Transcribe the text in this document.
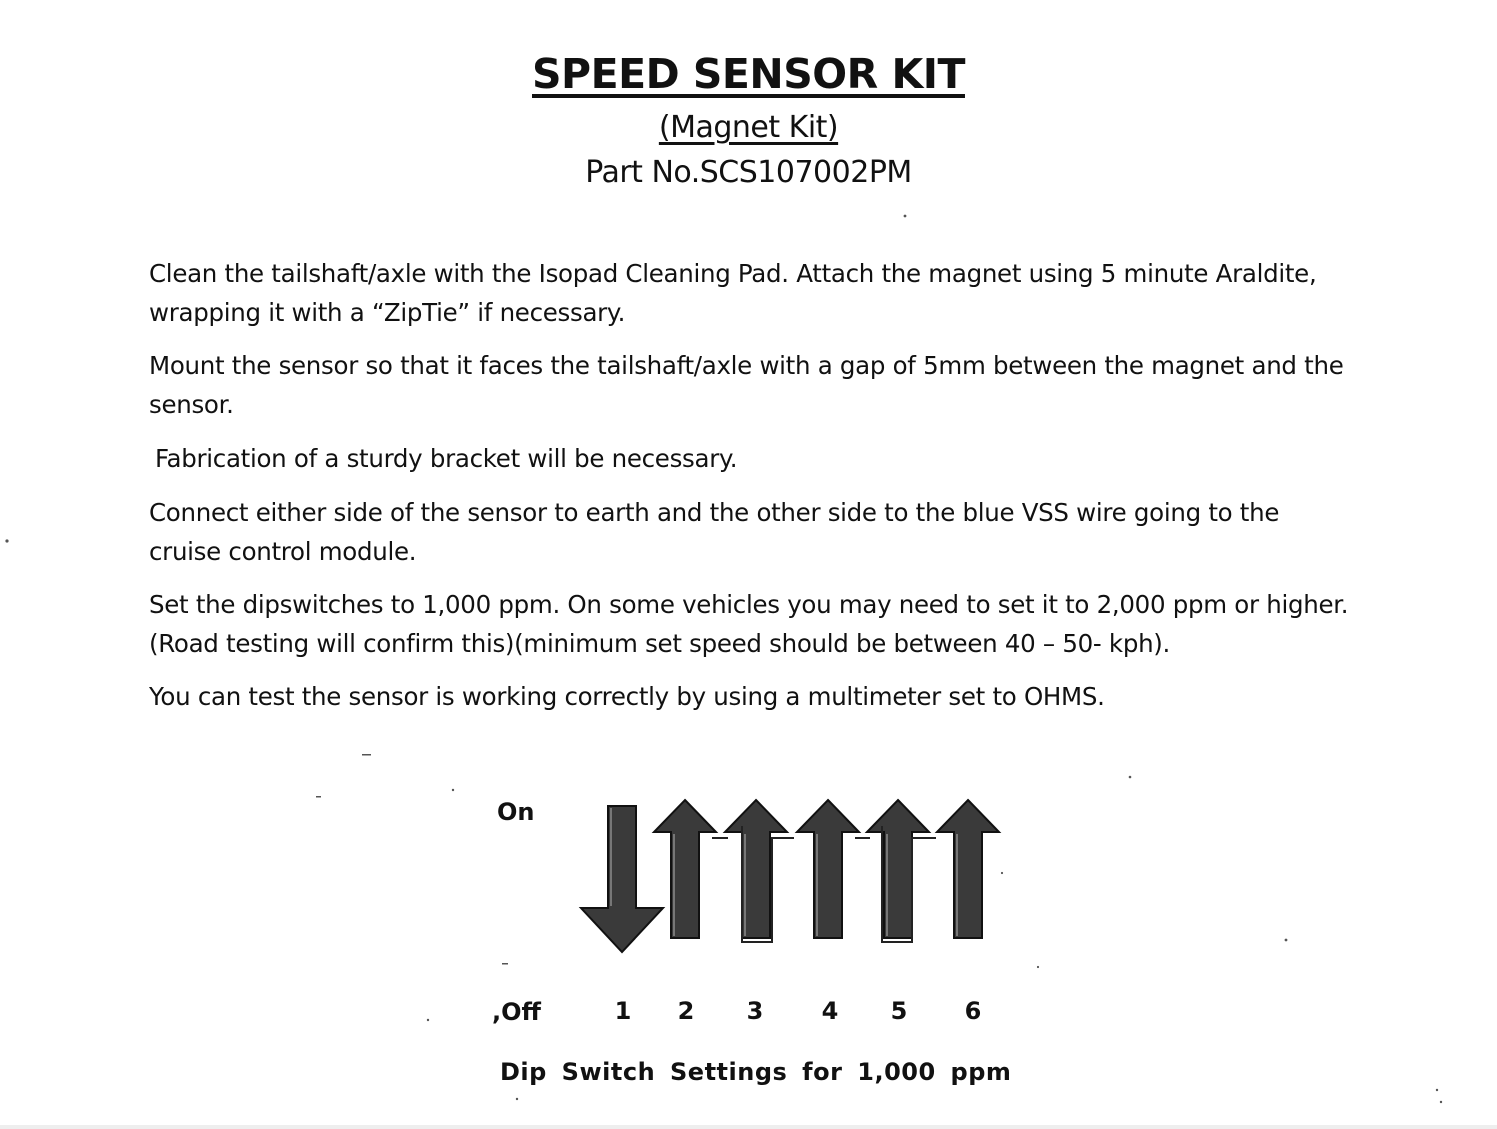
SPEED SENSOR KIT
(Magnet Kit)
Part No.SCS107002PM
Clean the tailshaft/axle with the Isopad Cleaning Pad. Attach the magnet using 5 minute Araldite, wrapping it with a “ZipTie” if necessary.
Mount the sensor so that it faces the tailshaft/axle with a gap of 5mm between the magnet and the sensor.
Fabrication of a sturdy bracket will be necessary.
Connect either side of the sensor to earth and the other side to the blue VSS wire going to the cruise control module.
Set the dipswitches to 1,000 ppm. On some vehicles you may need to set it to 2,000 ppm or higher. (Road testing will confirm this)(minimum set speed should be between 40 – 50- kph).
You can test the sensor is working correctly by using a multimeter set to OHMS.
On
,Off	1 2 3 4 5 6
Dip Switch Settings for 1,000 ppm
